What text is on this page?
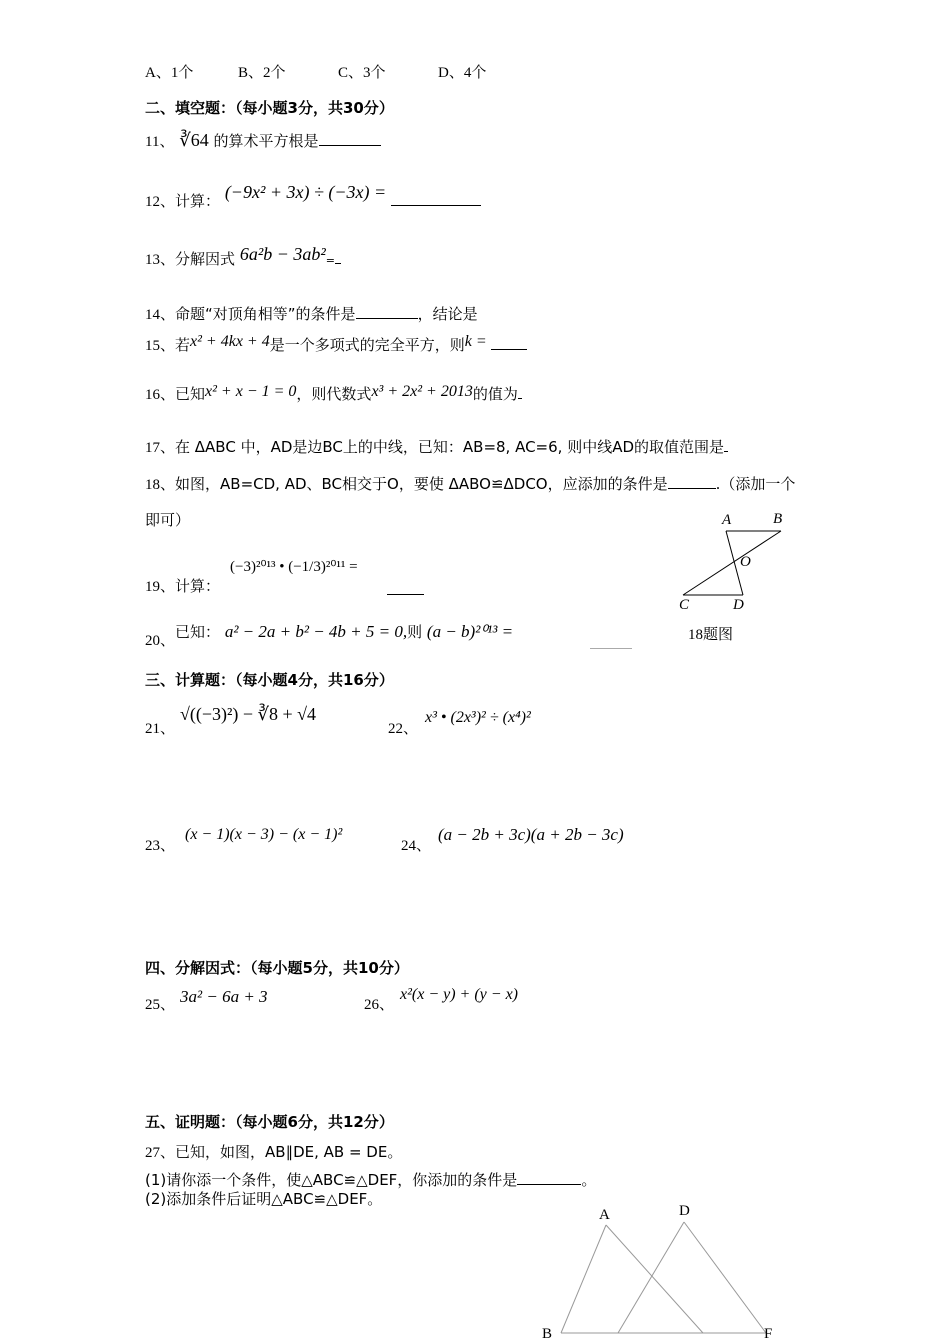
A、1个	B、2个	C、3个	D、4个
二、填空题：（每小题3分，共30分）
11、 ∛64 的算术平方根是
12、计算： (−9x² + 3x) ÷ (−3x) =
13、分解因式 6a²b − 3ab²=
14、命题“对顶角相等”的条件是	，结论是
15、若x² + 4kx + 4是一个多项式的完全平方，则k =
16、已知x² + x − 1 = 0，则代数式x³ + 2x² + 2013的值为
17、在 ΔABC 中，AD是边BC上的中线，已知：AB=8, AC=6, 则中线AD的取值范围是
18、如图，AB=CD, AD、BC相交于O，要使 ΔABO≌ΔDCO，应添加的条件是	.（添加一个
即可）	A	B
O
C	D
18题图
19、计算：
(−3)²⁰¹³ • (−1/3)²⁰¹¹ =
20、已知： a² − 2a + b² − 4b + 5 = 0,则 (a − b)²⁰¹³ =
三、计算题：（每小题4分，共16分）
21、
√((−3)²) − ∛8 + √4
22、
x³ • (2x³)² ÷ (x⁴)²
23、
(x − 1)(x − 3) − (x − 1)²
24、
(a − 2b + 3c)(a + 2b − 3c)
四、分解因式：（每小题5分，共10分）
25、 3a² − 6a + 3	26、
x²(x − y) + (y − x)
五、证明题：（每小题6分，共12分）
27、已知，如图，AB∥DE, AB = DE。
(1)请你添一个条件，使△ABC≌△DEF，你添加的条件是	。
(2)添加条件后证明△ABC≌△DEF。
A	D
B	F
